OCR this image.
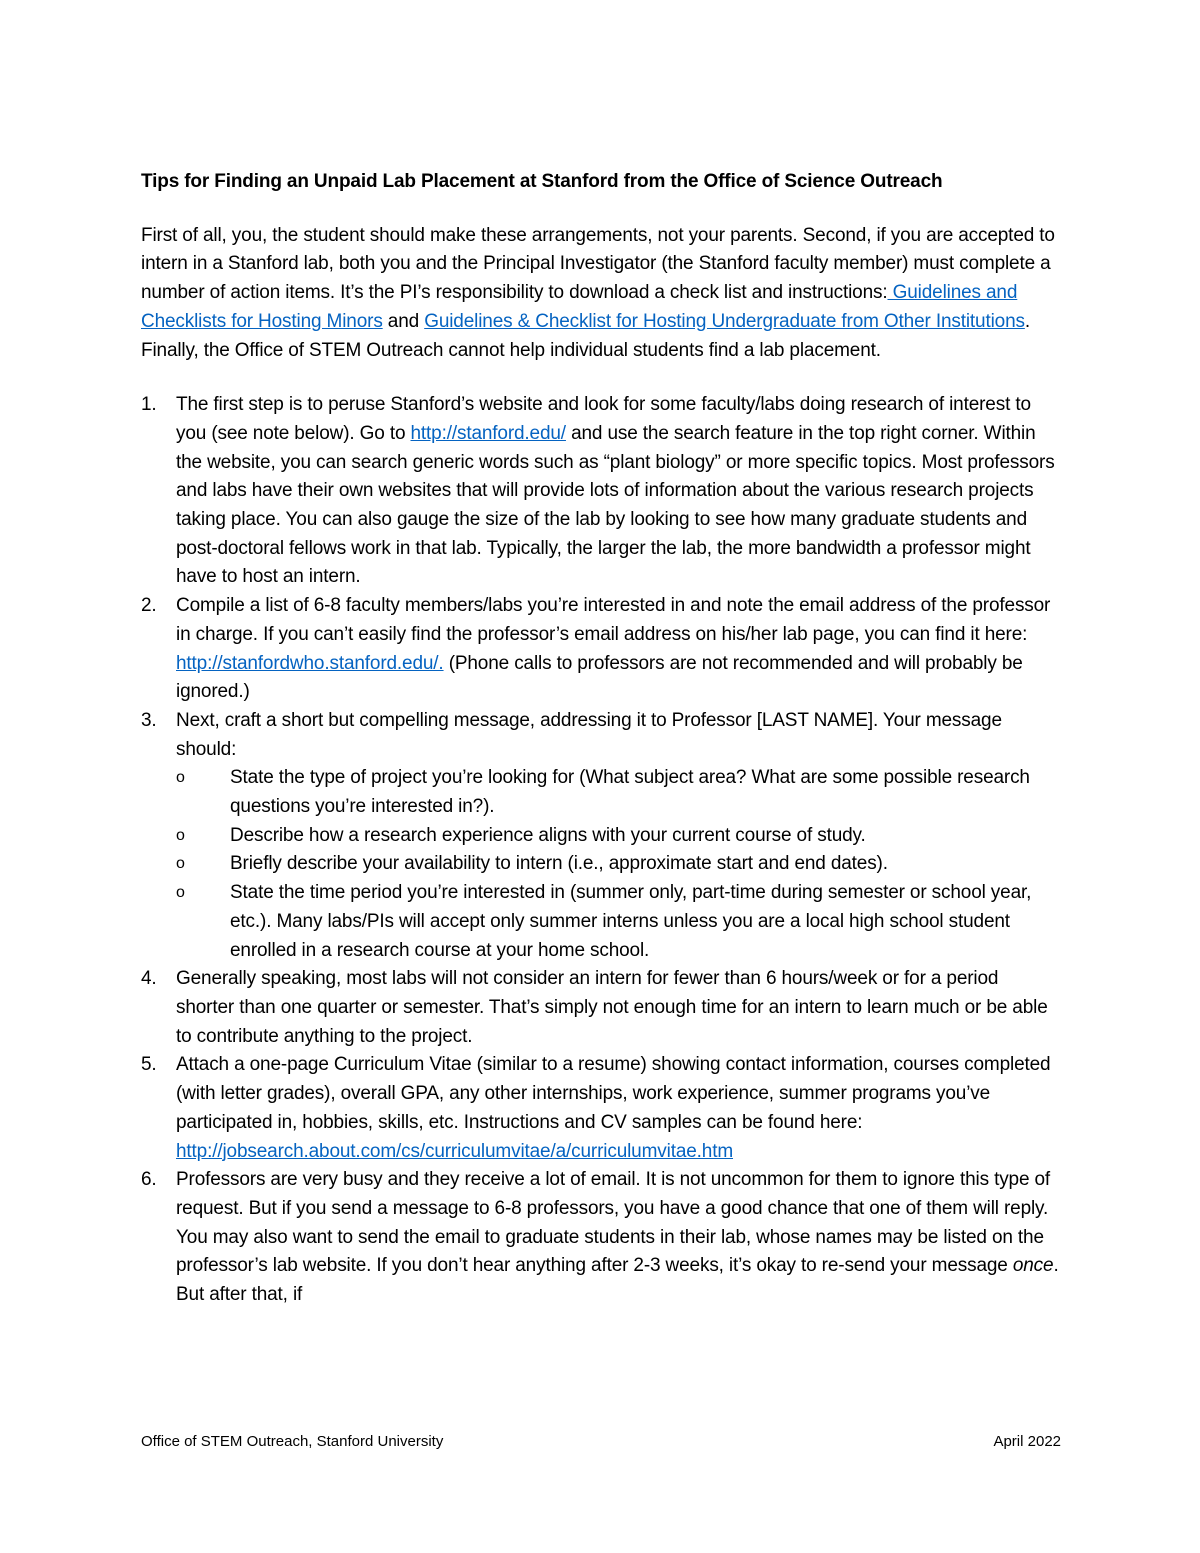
Tips for Finding an Unpaid Lab Placement at Stanford from the Office of Science Outreach

First of all, you, the student should make these arrangements, not your parents. Second, if you are accepted to intern in a Stanford lab, both you and the Principal Investigator (the Stanford faculty member) must complete a number of action items. It’s the PI’s responsibility to download a check list and instructions: Guidelines and Checklists for Hosting Minors and Guidelines & Checklist for Hosting Undergraduate from Other Institutions. Finally, the Office of STEM Outreach cannot help individual students find a lab placement.

1. The first step is to peruse Stanford’s website and look for some faculty/labs doing research of interest to you (see note below). Go to http://stanford.edu/ and use the search feature in the top right corner. Within the website, you can search generic words such as “plant biology” or more specific topics. Most professors and labs have their own websites that will provide lots of information about the various research projects taking place. You can also gauge the size of the lab by looking to see how many graduate students and post-doctoral fellows work in that lab. Typically, the larger the lab, the more bandwidth a professor might have to host an intern.
2. Compile a list of 6-8 faculty members/labs you’re interested in and note the email address of the professor in charge. If you can’t easily find the professor’s email address on his/her lab page, you can find it here: http://stanfordwho.stanford.edu/. (Phone calls to professors are not recommended and will probably be ignored.)
3. Next, craft a short but compelling message, addressing it to Professor [LAST NAME]. Your message should:
o State the type of project you’re looking for (What subject area? What are some possible research questions you’re interested in?).
o Describe how a research experience aligns with your current course of study.
o Briefly describe your availability to intern (i.e., approximate start and end dates).
o State the time period you’re interested in (summer only, part-time during semester or school year, etc.). Many labs/PIs will accept only summer interns unless you are a local high school student enrolled in a research course at your home school.
4. Generally speaking, most labs will not consider an intern for fewer than 6 hours/week or for a period shorter than one quarter or semester. That’s simply not enough time for an intern to learn much or be able to contribute anything to the project.
5. Attach a one-page Curriculum Vitae (similar to a resume) showing contact information, courses completed (with letter grades), overall GPA, any other internships, work experience, summer programs you’ve participated in, hobbies, skills, etc. Instructions and CV samples can be found here: http://jobsearch.about.com/cs/curriculumvitae/a/curriculumvitae.htm
6. Professors are very busy and they receive a lot of email. It is not uncommon for them to ignore this type of request. But if you send a message to 6-8 professors, you have a good chance that one of them will reply. You may also want to send the email to graduate students in their lab, whose names may be listed on the professor’s lab website. If you don’t hear anything after 2-3 weeks, it’s okay to re-send your message once. But after that, if
Office of STEM Outreach, Stanford University	April 2022
